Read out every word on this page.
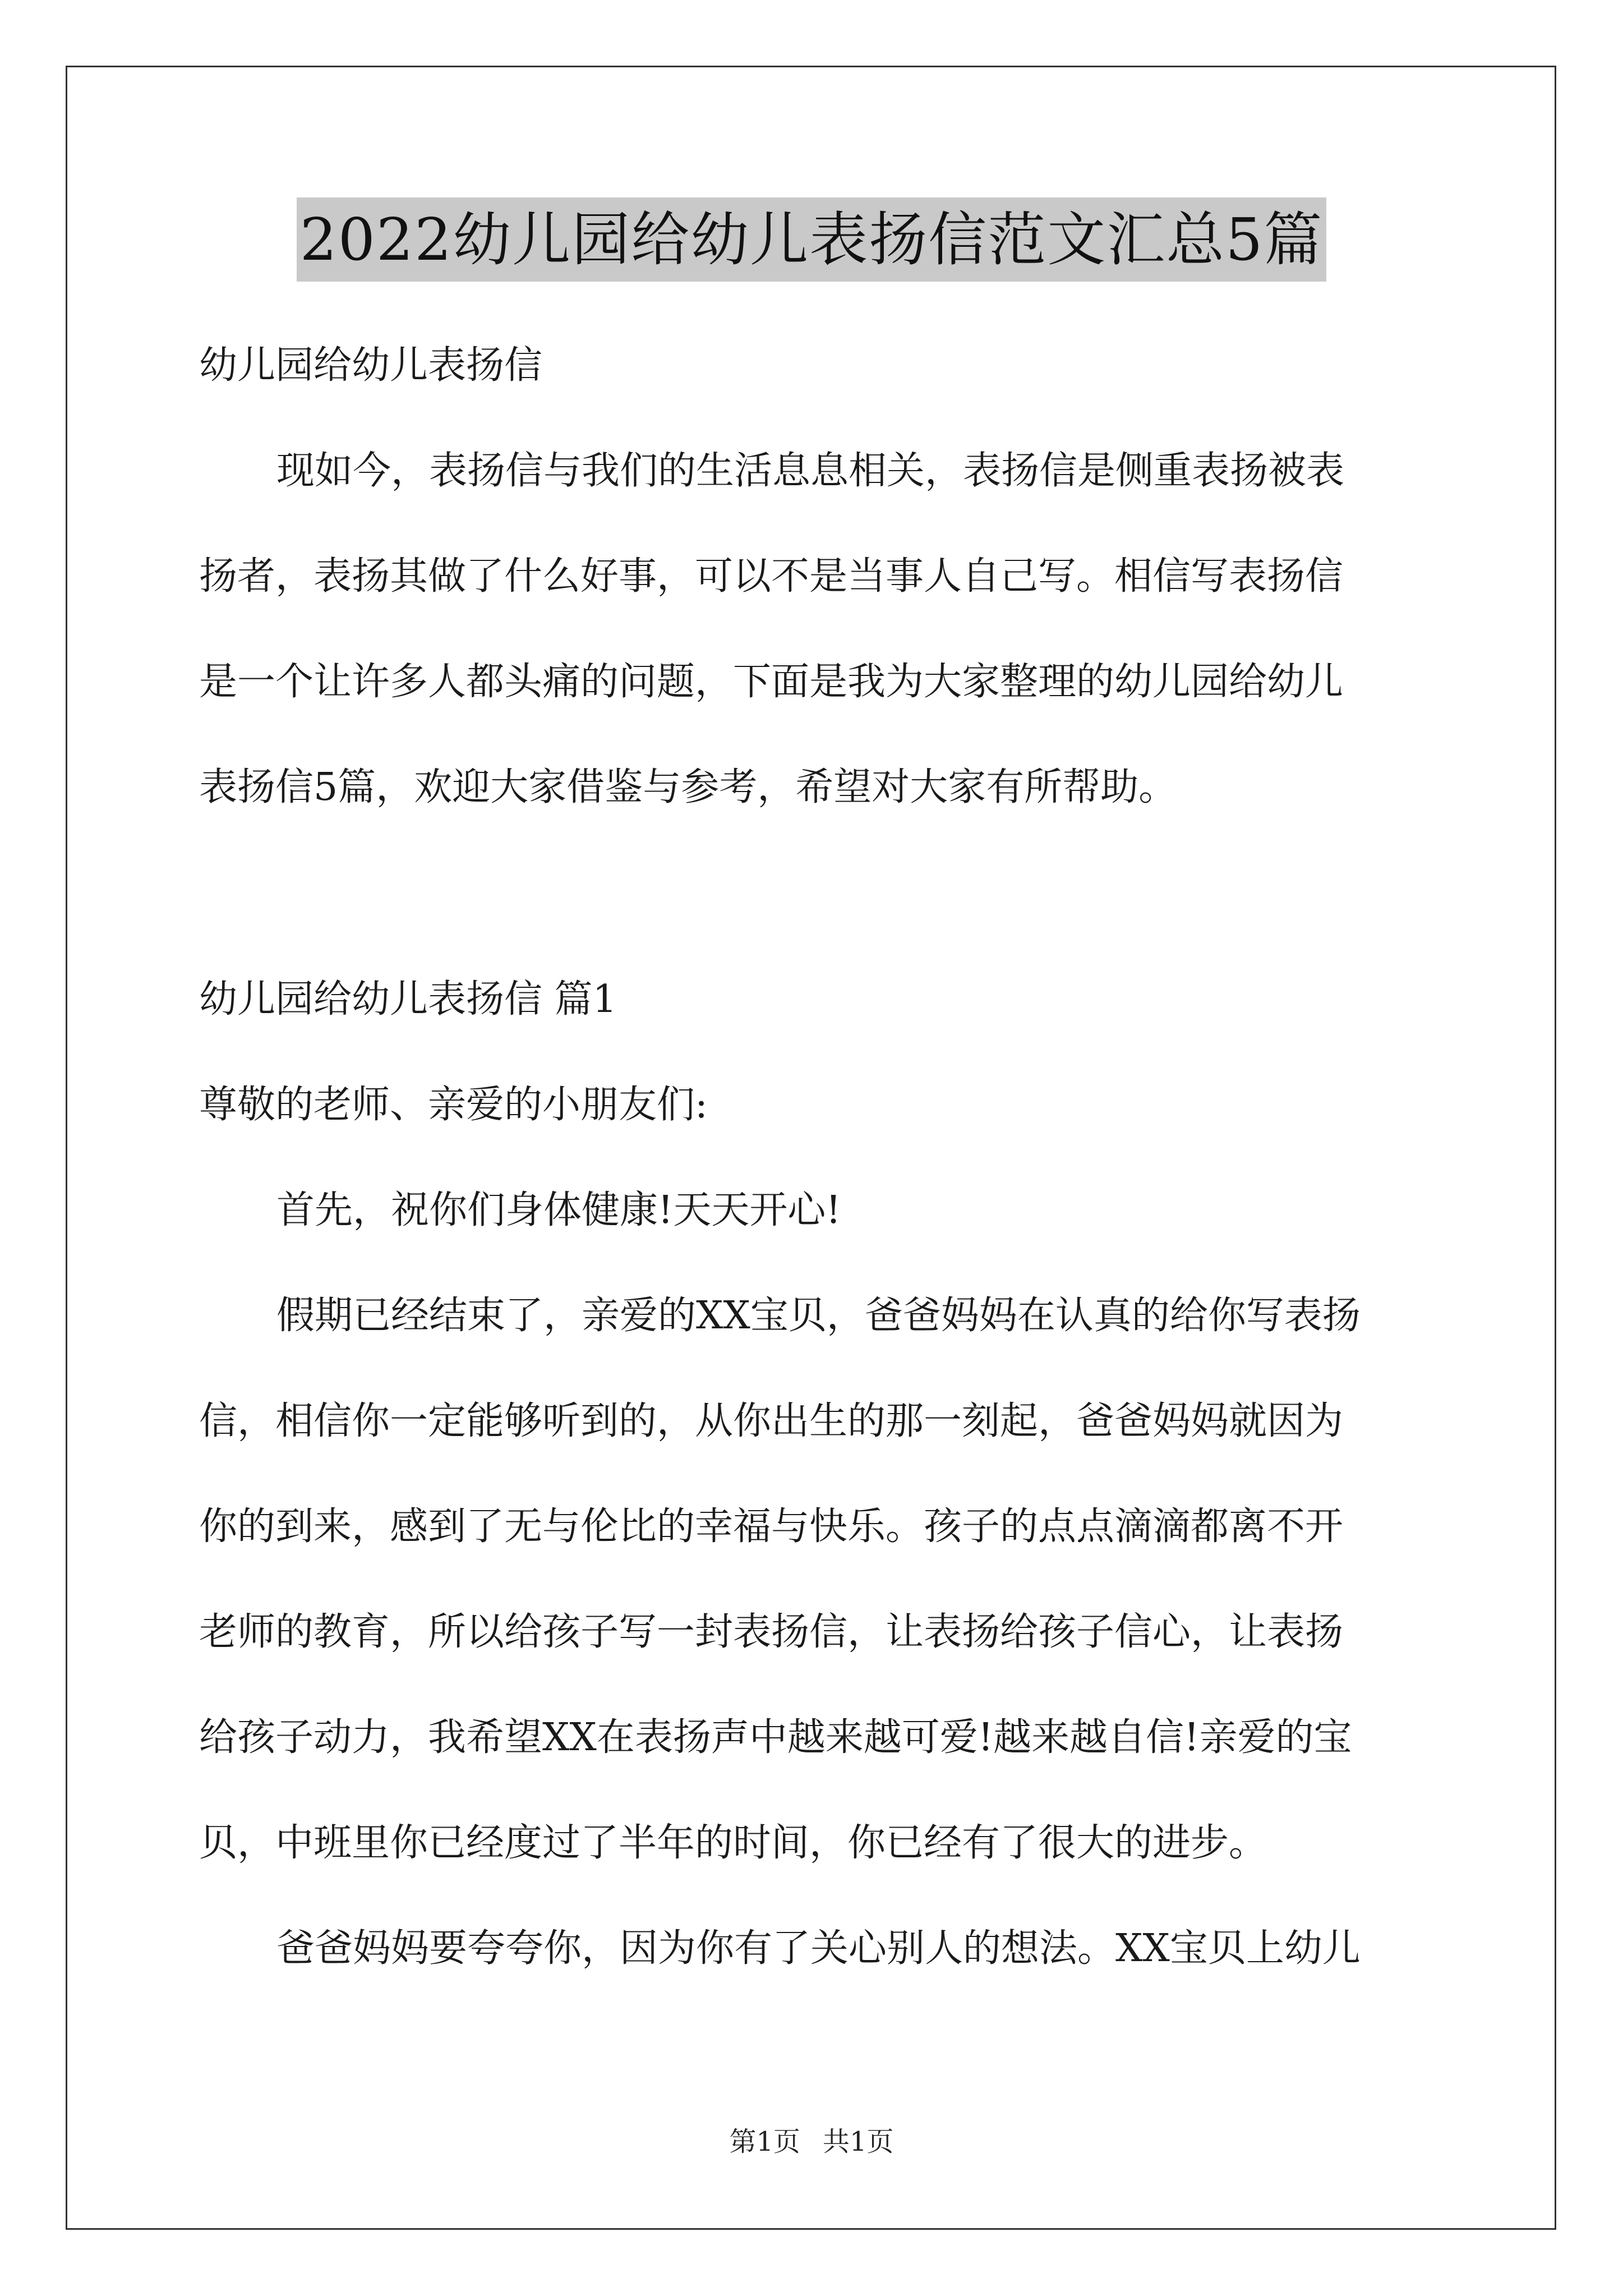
2022幼儿园给幼儿表扬信范文汇总5篇
幼儿园给幼儿表扬信
现如今，表扬信与我们的生活息息相关，表扬信是侧重表扬被表
扬者，表扬其做了什么好事，可以不是当事人自己写。相信写表扬信
是一个让许多人都头痛的问题，下面是我为大家整理的幼儿园给幼儿
表扬信5篇，欢迎大家借鉴与参考，希望对大家有所帮助。
幼儿园给幼儿表扬信 篇1
尊敬的老师、亲爱的小朋友们:
首先，祝你们身体健康!天天开心!
假期已经结束了，亲爱的XX宝贝，爸爸妈妈在认真的给你写表扬
信，相信你一定能够听到的，从你出生的那一刻起，爸爸妈妈就因为
你的到来，感到了无与伦比的幸福与快乐。孩子的点点滴滴都离不开
老师的教育，所以给孩子写一封表扬信，让表扬给孩子信心，让表扬
给孩子动力，我希望XX在表扬声中越来越可爱!越来越自信!亲爱的宝
贝，中班里你已经度过了半年的时间，你已经有了很大的进步。
爸爸妈妈要夸夸你，因为你有了关心别人的想法。XX宝贝上幼儿
第1页 共1页
